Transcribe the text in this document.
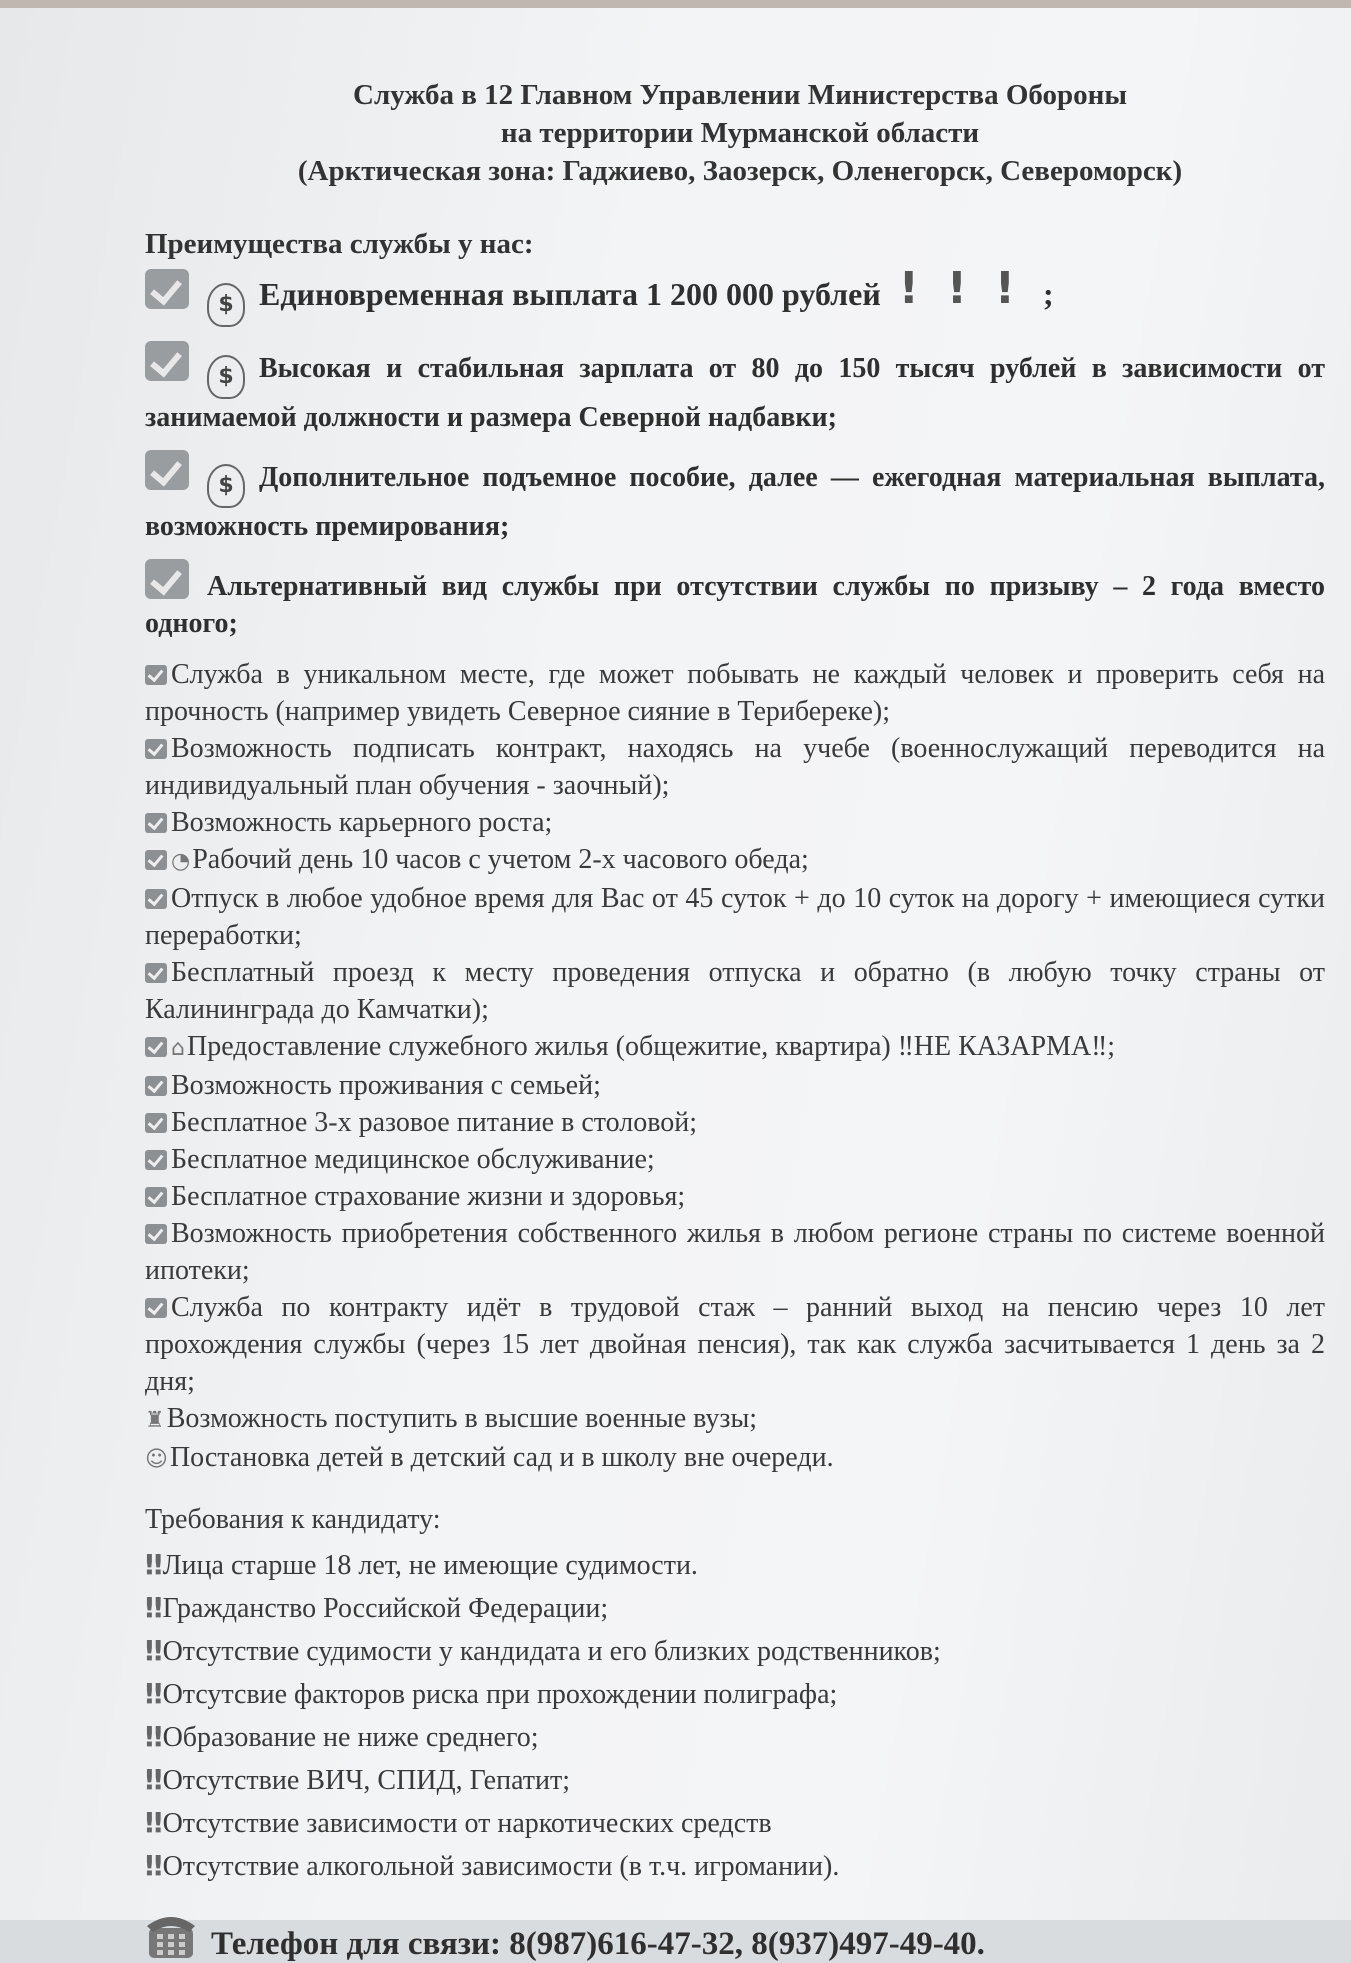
Служба в 12 Главном Управлении Министерства Обороны
на территории Мурманской области
(Арктическая зона: Гаджиево, Заозерск, Оленегорск, Североморск)
Преимущества службы у нас:
$ Единовременная выплата 1 200 000 рублей !!!;
$ Высокая и стабильная зарплата от 80 до 150 тысяч рублей в зависимости от занимаемой должности и размера Северной надбавки;
$ Дополнительное подъемное пособие, далее — ежегодная материальная выплата, возможность премирования;
Альтернативный вид службы при отсутствии службы по призыву – 2 года вместо одного;
Служба в уникальном месте, где может побывать не каждый человек и проверить себя на прочность (например увидеть Северное сияние в Терибереке);
Возможность подписать контракт, находясь на учебе (военнослужащий переводится на индивидуальный план обучения - заочный);
Возможность карьерного роста;
◔Рабочий день 10 часов с учетом 2-х часового обеда;
Отпуск в любое удобное время для Вас от 45 суток + до 10 суток на дорогу + имеющиеся сутки переработки;
Бесплатный проезд к месту проведения отпуска и обратно (в любую точку страны от Калининграда до Камчатки);
⌂Предоставление служебного жилья (общежитие, квартира) ‼НЕ КАЗАРМА‼;
Возможность проживания с семьей;
Бесплатное 3-х разовое питание в столовой;
Бесплатное медицинское обслуживание;
Бесплатное страхование жизни и здоровья;
Возможность приобретения собственного жилья в любом регионе страны по системе военной ипотеки;
Служба по контракту идёт в трудовой стаж – ранний выход на пенсию через 10 лет прохождения службы (через 15 лет двойная пенсия), так как служба засчитывается 1 день за 2 дня;
♜Возможность поступить в высшие военные вузы;
☺Постановка детей в детский сад и в школу вне очереди.
Требования к кандидату:
‼Лица старше 18 лет, не имеющие судимости.
‼Гражданство Российской Федерации;
‼Отсутствие судимости у кандидата и его близких родственников;
‼Отсутсвие факторов риска при прохождении полиграфа;
‼Образование не ниже среднего;
‼Отсутствие ВИЧ, СПИД, Гепатит;
‼Отсутствие зависимости от наркотических средств
‼Отсутствие алкогольной зависимости (в т.ч. игромании).
Телефон для связи: 8(987)616-47-32, 8(937)497-49-40.
